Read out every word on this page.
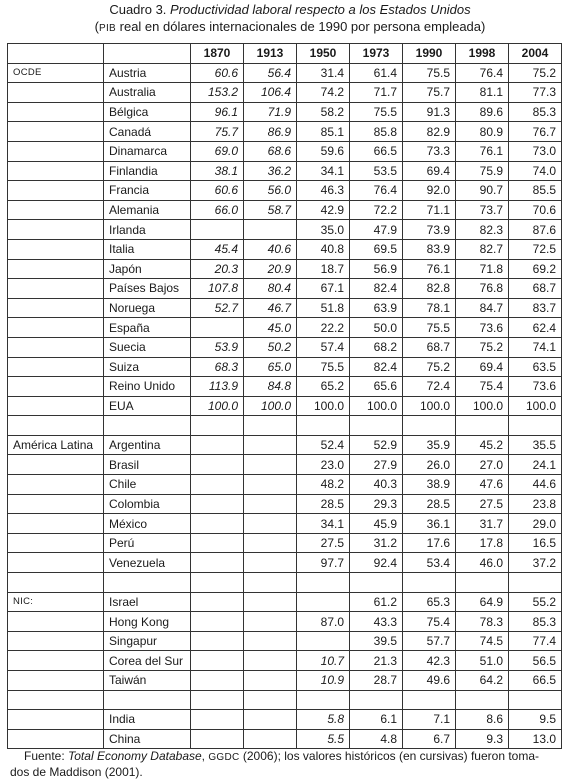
Cuadro 3. Productividad laboral respecto a los Estados Unidos
(PIB real en dólares internacionales de 1990 por persona empleada)
		1870	1913	1950	1973	1990	1998	2004
OCDE	Austria	60.6	56.4	31.4	61.4	75.5	76.4	75.2
	Australia	153.2	106.4	74.2	71.7	75.7	81.1	77.3
	Bélgica	96.1	71.9	58.2	75.5	91.3	89.6	85.3
	Canadá	75.7	86.9	85.1	85.8	82.9	80.9	76.7
	Dinamarca	69.0	68.6	59.6	66.5	73.3	76.1	73.0
	Finlandia	38.1	36.2	34.1	53.5	69.4	75.9	74.0
	Francia	60.6	56.0	46.3	76.4	92.0	90.7	85.5
	Alemania	66.0	58.7	42.9	72.2	71.1	73.7	70.6
	Irlanda			35.0	47.9	73.9	82.3	87.6
	Italia	45.4	40.6	40.8	69.5	83.9	82.7	72.5
	Japón	20.3	20.9	18.7	56.9	76.1	71.8	69.2
	Países Bajos	107.8	80.4	67.1	82.4	82.8	76.8	68.7
	Noruega	52.7	46.7	51.8	63.9	78.1	84.7	83.7
	España		45.0	22.2	50.0	75.5	73.6	62.4
	Suecia	53.9	50.2	57.4	68.2	68.7	75.2	74.1
	Suiza	68.3	65.0	75.5	82.4	75.2	69.4	63.5
	Reino Unido	113.9	84.8	65.2	65.6	72.4	75.4	73.6
	EUA	100.0	100.0	100.0	100.0	100.0	100.0	100.0

América Latina	Argentina			52.4	52.9	35.9	45.2	35.5
	Brasil			23.0	27.9	26.0	27.0	24.1
	Chile			48.2	40.3	38.9	47.6	44.6
	Colombia			28.5	29.3	28.5	27.5	23.8
	México			34.1	45.9	36.1	31.7	29.0
	Perú			27.5	31.2	17.6	17.8	16.5
	Venezuela			97.7	92.4	53.4	46.0	37.2

NIC:	Israel				61.2	65.3	64.9	55.2
	Hong Kong			87.0	43.3	75.4	78.3	85.3
	Singapur				39.5	57.7	74.5	77.4
	Corea del Sur			10.7	21.3	42.3	51.0	56.5
	Taiwán			10.9	28.7	49.6	64.2	66.5

	India			5.8	6.1	7.1	8.6	9.5
	China			5.5	4.8	6.7	9.3	13.0
Fuente: Total Economy Database, GGDC (2006); los valores históricos (en cursivas) fueron toma-
dos de Maddison (2001).
